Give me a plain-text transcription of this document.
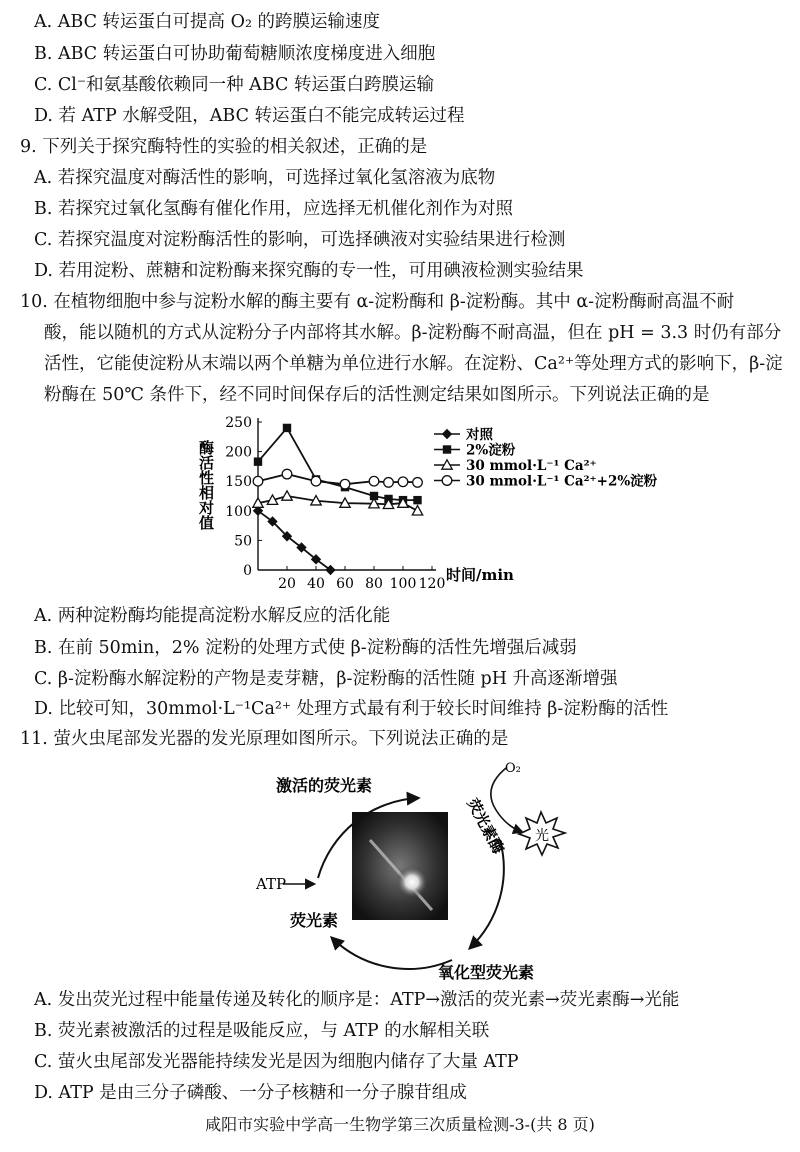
A. ABC 转运蛋白可提高 O₂ 的跨膜运输速度
B. ABC 转运蛋白可协助葡萄糖顺浓度梯度进入细胞
C. Cl⁻和氨基酸依赖同一种 ABC 转运蛋白跨膜运输
D. 若 ATP 水解受阻，ABC 转运蛋白不能完成转运过程
9. 下列关于探究酶特性的实验的相关叙述，正确的是
A. 若探究温度对酶活性的影响，可选择过氧化氢溶液为底物
B. 若探究过氧化氢酶有催化作用，应选择无机催化剂作为对照
C. 若探究温度对淀粉酶活性的影响，可选择碘液对实验结果进行检测
D. 若用淀粉、蔗糖和淀粉酶来探究酶的专一性，可用碘液检测实验结果
10. 在植物细胞中参与淀粉水解的酶主要有 α-淀粉酶和 β-淀粉酶。其中 α-淀粉酶耐高温不耐
酸，能以随机的方式从淀粉分子内部将其水解。β-淀粉酶不耐高温，但在 pH = 3.3 时仍有部分
活性，它能使淀粉从末端以两个单糖为单位进行水解。在淀粉、Ca²⁺等处理方式的影响下，β-淀
粉酶在 50℃ 条件下，经不同时间保存后的活性测定结果如图所示。下列说法正确的是
0
50
100
150
200
250
20 40 60 80 100 120 时间/min
酶活性相对值
对照
2%淀粉
30 mmol·L⁻¹ Ca²⁺
30 mmol·L⁻¹ Ca²⁺+2%淀粉
A. 两种淀粉酶均能提高淀粉水解反应的活化能
B. 在前 50min，2% 淀粉的处理方式使 β-淀粉酶的活性先增强后减弱
C. β-淀粉酶水解淀粉的产物是麦芽糖，β-淀粉酶的活性随 pH 升高逐渐增强
D. 比较可知，30mmol·L⁻¹Ca²⁺ 处理方式最有利于较长时间维持 β-淀粉酶的活性
11. 萤火虫尾部发光器的发光原理如图所示。下列说法正确的是
光
激活的荧光素
O₂
ATP
荧光素
氧化型荧光素
荧光素酶
A. 发出荧光过程中能量传递及转化的顺序是：ATP→激活的荧光素→荧光素酶→光能
B. 荧光素被激活的过程是吸能反应，与 ATP 的水解相关联
C. 萤火虫尾部发光器能持续发光是因为细胞内储存了大量 ATP
D. ATP 是由三分子磷酸、一分子核糖和一分子腺苷组成
咸阳市实验中学高一生物学第三次质量检测-3-(共 8 页)
